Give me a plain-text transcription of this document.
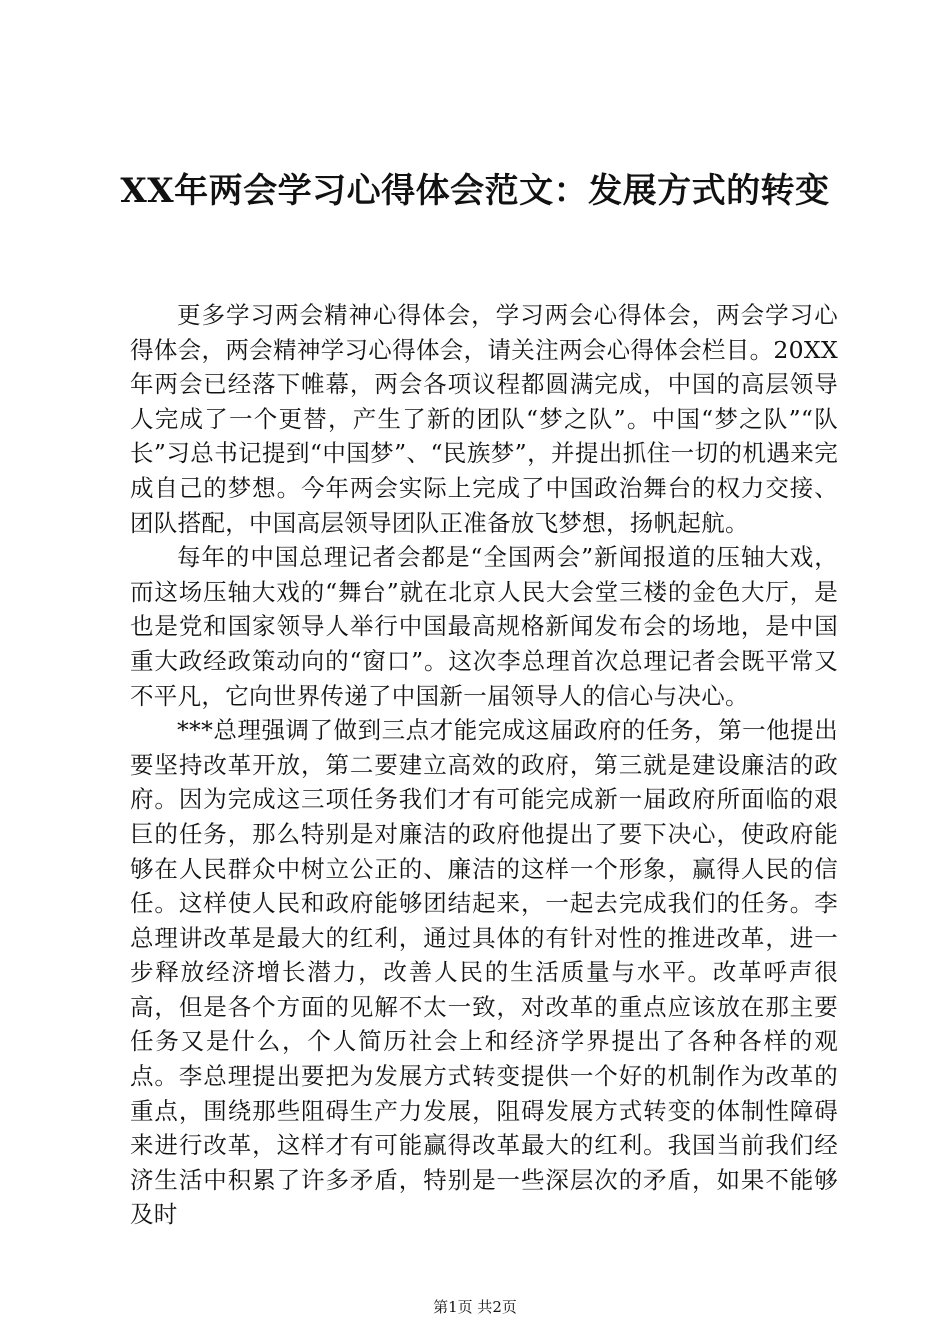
XX年两会学习心得体会范文：发展方式的转变

更多学习两会精神心得体会，学习两会心得体会，两会学习心得体会，两会精神学习心得体会，请关注两会心得体会栏目。20XX年两会已经落下帷幕，两会各项议程都圆满完成，中国的高层领导人完成了一个更替，产生了新的团队“梦之队”。中国“梦之队”“队长”习总书记提到“中国梦”、“民族梦”，并提出抓住一切的机遇来完成自己的梦想。今年两会实际上完成了中国政治舞台的权力交接、团队搭配，中国高层领导团队正准备放飞梦想，扬帆起航。

每年的中国总理记者会都是“全国两会”新闻报道的压轴大戏，而这场压轴大戏的“舞台”就在北京人民大会堂三楼的金色大厅，是也是党和国家领导人举行中国最高规格新闻发布会的场地，是中国重大政经政策动向的“窗口”。这次李总理首次总理记者会既平常又不平凡，它向世界传递了中国新一届领导人的信心与决心。

***总理强调了做到三点才能完成这届政府的任务，第一他提出要坚持改革开放，第二要建立高效的政府，第三就是建设廉洁的政府。因为完成这三项任务我们才有可能完成新一届政府所面临的艰巨的任务，那么特别是对廉洁的政府他提出了要下决心，使政府能够在人民群众中树立公正的、廉洁的这样一个形象，赢得人民的信任。这样使人民和政府能够团结起来，一起去完成我们的任务。李总理讲改革是最大的红利，通过具体的有针对性的推进改革，进一步释放经济增长潜力，改善人民的生活质量与水平。改革呼声很高，但是各个方面的见解不太一致，对改革的重点应该放在那主要任务又是什么，个人简历社会上和经济学界提出了各种各样的观点。李总理提出要把为发展方式转变提供一个好的机制作为改革的重点，围绕那些阻碍生产力发展，阻碍发展方式转变的体制性障碍来进行改革，这样才有可能赢得改革最大的红利。我国当前我们经济生活中积累了许多矛盾，特别是一些深层次的矛盾，如果不能够及时

第1页 共2页
